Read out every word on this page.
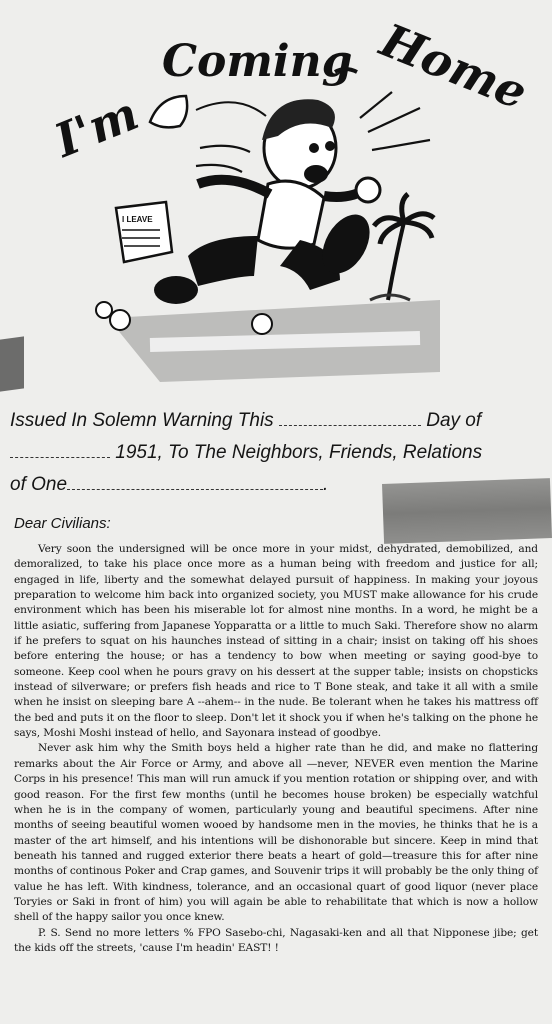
I'm
Coming Home
I LEAVE
Issued In Solemn Warning This	Day of
1951, To The Neighbors, Friends, Relations
of One	.
Dear Civilians:

Very soon the undersigned will be once more in your midst, dehydrated, demobilized, and demoralized, to take his place once more as a human being with freedom and justice for all; engaged in life, liberty and the somewhat delayed pursuit of happiness. In making your joyous preparation to welcome him back into organized society, you MUST make allowance for his crude environment which has been his miserable lot for almost nine months. In a word, he might be a little asiatic, suffering from Japanese Yopparatta or a little to much Saki. Therefore show no alarm if he prefers to squat on his haunches instead of sitting in a chair; insist on taking off his shoes before entering the house; or has a tendency to bow when meeting or saying good-bye to someone. Keep cool when he pours gravy on his dessert at the supper table; insists on chopsticks instead of silverware; or prefers fish heads and rice to T Bone steak, and take it all with a smile when he insist on sleeping bare A --ahem-- in the nude. Be tolerant when he takes his mattress off the bed and puts it on the floor to sleep. Don't let it shock you if when he's talking on the phone he says, Moshi Moshi instead of hello, and Sayonara instead of goodbye.

Never ask him why the Smith boys held a higher rate than he did, and make no flattering remarks about the Air Force or Army, and above all —never, NEVER even mention the Marine Corps in his presence! This man will run amuck if you mention rotation or shipping over, and with good reason. For the first few months (until he becomes house broken) be especially watchful when he is in the company of women, particularly young and beautiful specimens. After nine months of seeing beautiful women wooed by handsome men in the movies, he thinks that he is a master of the art himself, and his intentions will be dishonorable but sincere. Keep in mind that beneath his tanned and rugged exterior there beats a heart of gold—treasure this for after nine months of continous Poker and Crap games, and Souvenir trips it will probably be the only thing of value he has left. With kindness, tolerance, and an occasional quart of good liquor (never place Toryies or Saki in front of him) you will again be able to rehabilitate that which is now a hollow shell of the happy sailor you once knew.

P. S. Send no more letters % FPO Sasebo-chi, Nagasaki-ken and all that Nipponese jibe; get the kids off the streets, 'cause I'm headin' EAST! !
